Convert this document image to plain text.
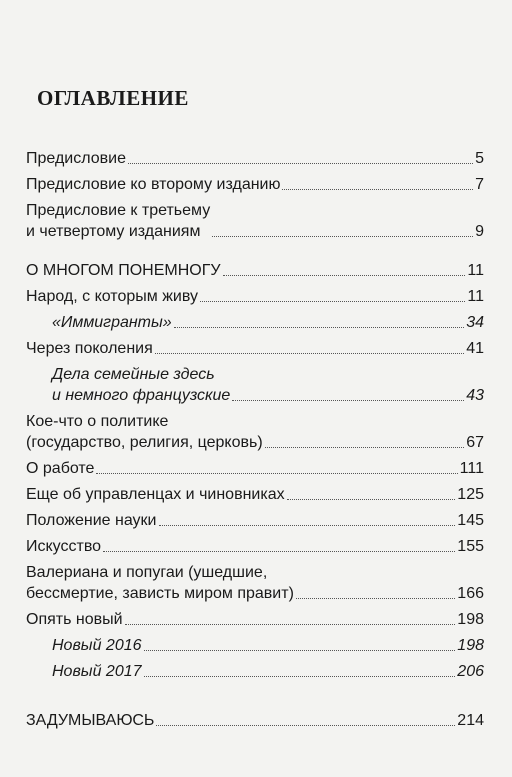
ОГЛАВЛЕНИЕ
Предисловие	5
Предисловие ко второму изданию	7
Предисловие к третьему
и четвертому изданиям	9
О МНОГОМ ПОНЕМНОГУ	11
Народ, с которым живу	11
«Иммигранты»	34
Через поколения	41
Дела семейные здесь
и немного французские	43
Кое-что о политике
(государство, религия, церковь)	67
О работе	111
Еще об управленцах и чиновниках	125
Положение науки	145
Искусство	155
Валериана и попугаи (ушедшие,
бессмертие, зависть миром правит)	166
Опять новый	198
Новый 2016	198
Новый 2017	206
ЗАДУМЫВАЮСЬ	214
